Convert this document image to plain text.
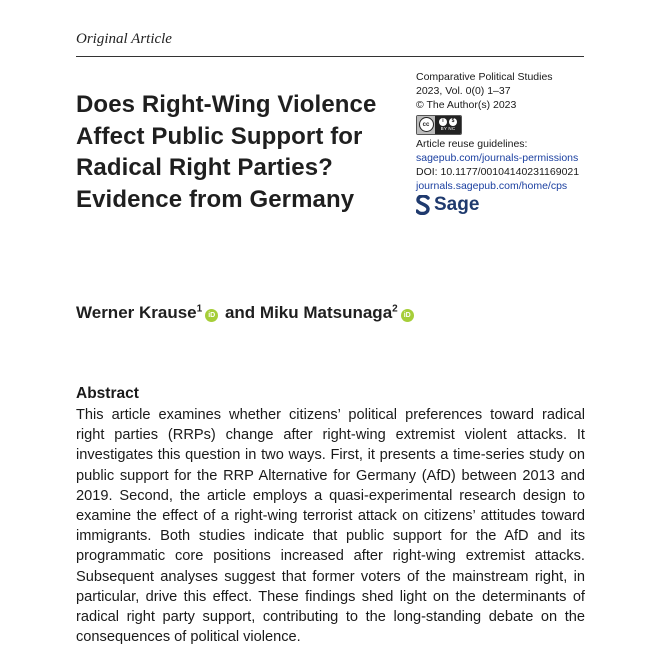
Original Article
Does Right-Wing Violence Affect Public Support for Radical Right Parties? Evidence from Germany
Comparative Political Studies
2023, Vol. 0(0) 1–37
© The Author(s) 2023
cc
i	$
BY NC
Article reuse guidelines:
sagepub.com/journals-permissions
DOI: 10.1177/00104140231169021
journals.sagepub.com/home/cps
Sage
Werner Krause$^1$iD and Miku Matsunaga$^2$iD
Abstract

This article examines whether citizens’ political preferences toward radical right parties (RRPs) change after right-wing extremist violent attacks. It investigates this question in two ways. First, it presents a time-series study on public support for the RRP Alternative for Germany (AfD) between 2013 and 2019. Second, the article employs a quasi-experimental research design to examine the effect of a right-wing terrorist attack on citizens’ attitudes toward immigrants. Both studies indicate that public support for the AfD and its programmatic core positions increased after right-wing extremist attacks. Subsequent analyses suggest that former voters of the mainstream right, in particular, drive this effect. These findings shed light on the determinants of radical right party support, contributing to the long-standing debate on the consequences of political violence.
